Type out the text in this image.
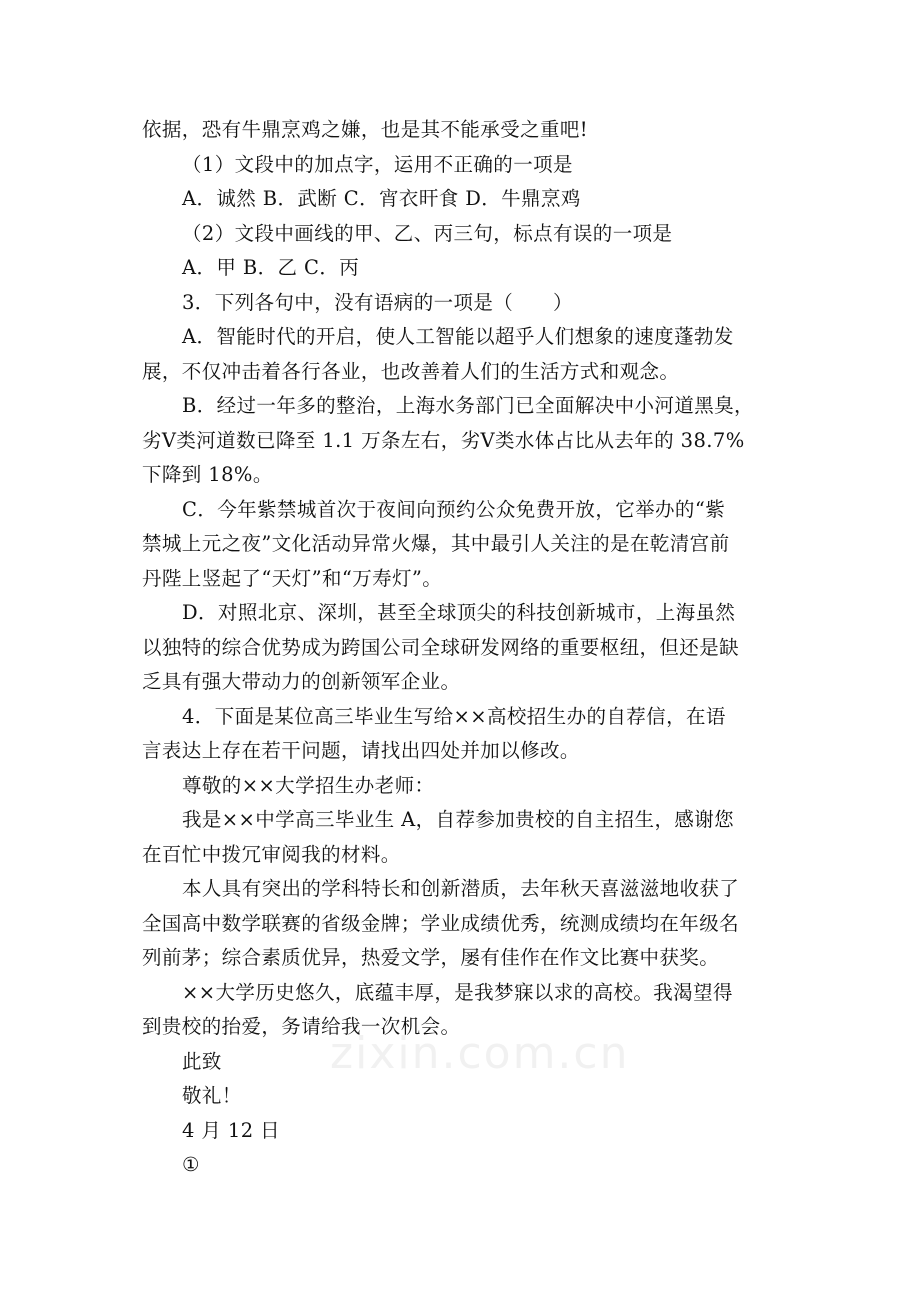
依据，恐有牛鼎烹鸡之嫌，也是其不能承受之重吧!
（1）文段中的加点字，运用不正确的一项是
A．诚然 B．武断 C．宵衣旰食 D．牛鼎烹鸡
（2）文段中画线的甲、乙、丙三句，标点有误的一项是
A．甲 B．乙 C．丙
3．下列各句中，没有语病的一项是（　　）
A．智能时代的开启，使人工智能以超乎人们想象的速度蓬勃发
展，不仅冲击着各行各业，也改善着人们的生活方式和观念。
B．经过一年多的整治，上海水务部门已全面解决中小河道黑臭，
劣Ⅴ类河道数已降至 1.1 万条左右，劣Ⅴ类水体占比从去年的 38.7%
下降到 18%。
C．今年紫禁城首次于夜间向预约公众免费开放，它举办的“紫
禁城上元之夜”文化活动异常火爆，其中最引人关注的是在乾清宫前
丹陛上竖起了“天灯”和“万寿灯”。
D．对照北京、深圳，甚至全球顶尖的科技创新城市，上海虽然
以独特的综合优势成为跨国公司全球研发网络的重要枢纽，但还是缺
乏具有强大带动力的创新领军企业。
4．下面是某位高三毕业生写给××高校招生办的自荐信，在语
言表达上存在若干问题，请找出四处并加以修改。
尊敬的××大学招生办老师：
我是××中学高三毕业生 A，自荐参加贵校的自主招生，感谢您
在百忙中拨冗审阅我的材料。
本人具有突出的学科特长和创新潜质，去年秋天喜滋滋地收获了
全国高中数学联赛的省级金牌；学业成绩优秀，统测成绩均在年级名
列前茅；综合素质优异，热爱文学，屡有佳作在作文比赛中获奖。
××大学历史悠久，底蕴丰厚，是我梦寐以求的高校。我渴望得
到贵校的抬爱，务请给我一次机会。
此致
敬礼！
4 月 12 日
①
zixin.com.cn
